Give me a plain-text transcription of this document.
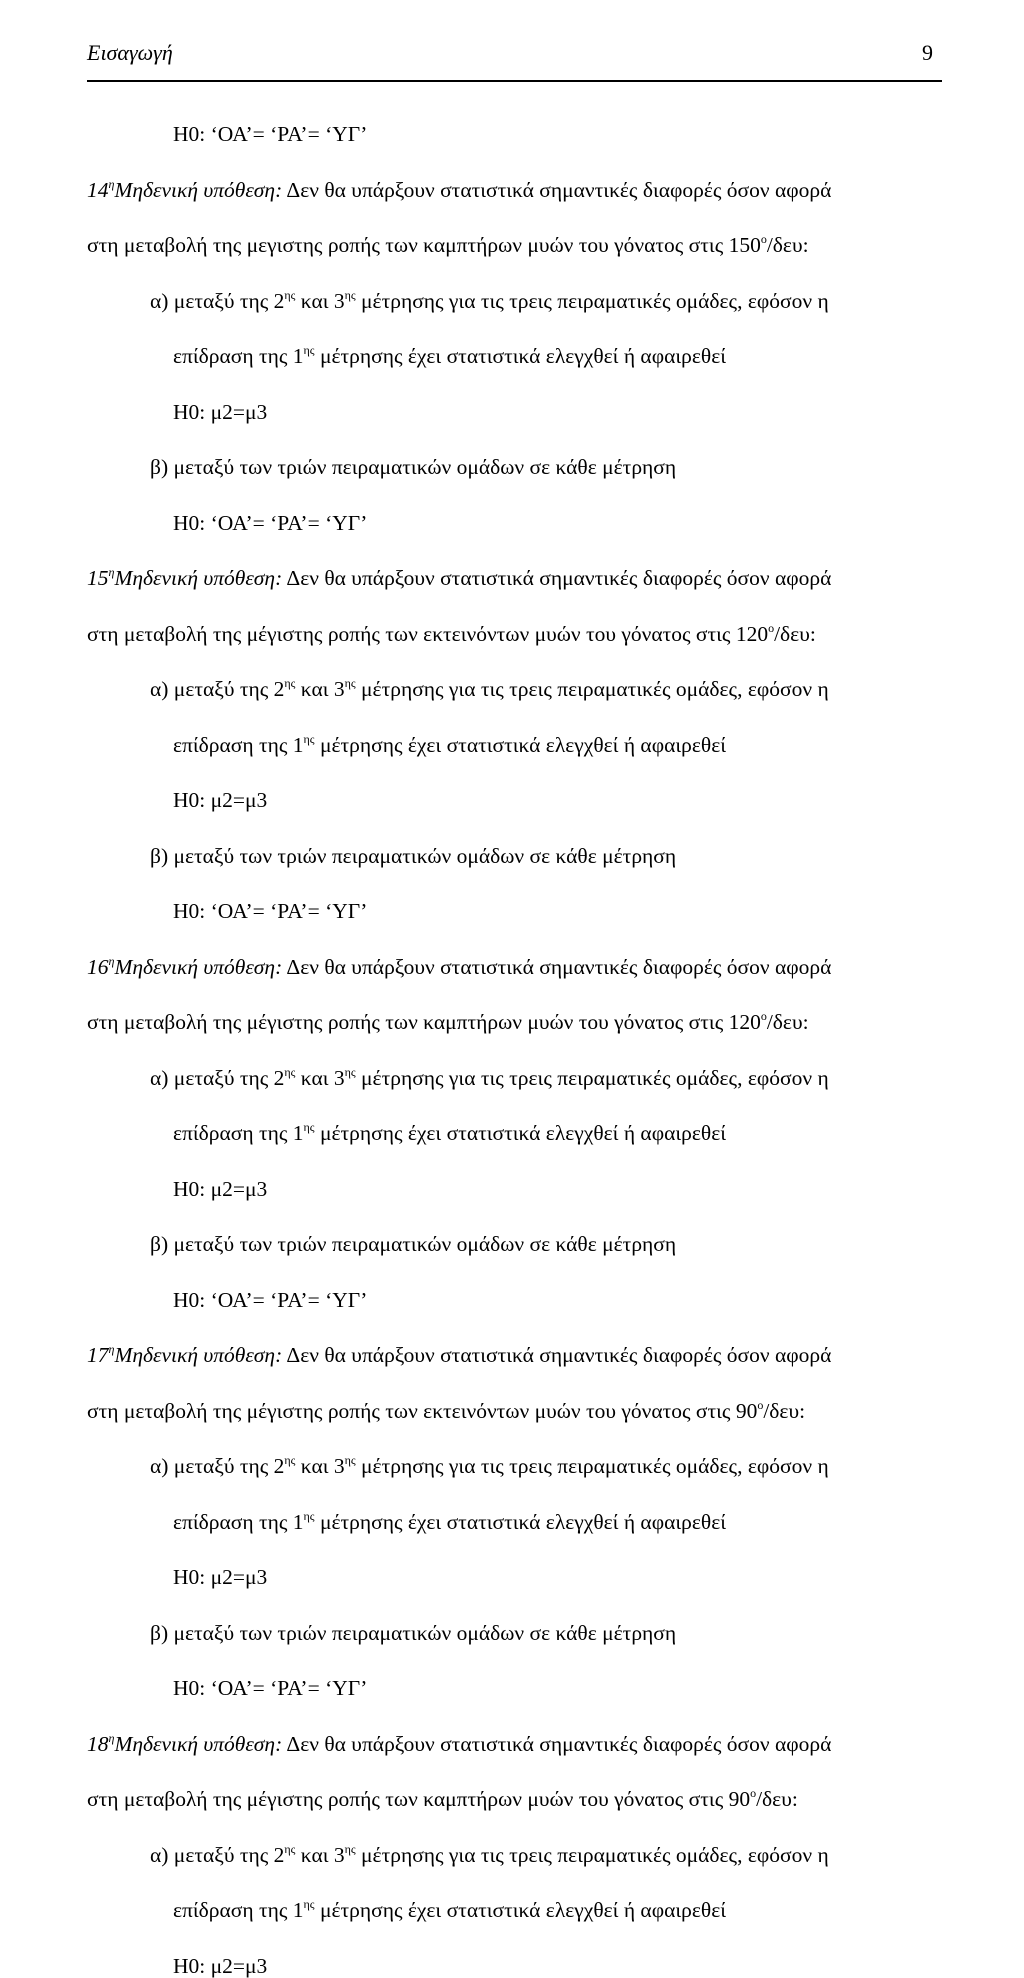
Εισαγωγή	9
Η0: ‘ΟΑ’= ‘ΡΑ’= ‘ΥΓ’
$14^\eta M\eta\delta\varepsilon\nu\iota\kappa ή$ υπόθεση: Δεν θα υπάρξουν στατιστικά σημαντικές διαφορές όσον αφορά
στη μεταβολή της μεγιστης ροπής των καμπτήρων μυών του γόνατος στις $150^o$/δευ:
α) μεταξύ της $2^{\eta\varsigma}$ και $3^{\eta\varsigma}$ μέτρησης για τις τρεις πειραματικές ομάδες, εφόσον η
επίδραση της $1^{\eta\varsigma}$ μέτρησης έχει στατιστικά ελεγχθεί ή αφαιρεθεί
Η0: μ2=μ3
β) μεταξύ των τριών πειραματικών ομάδων σε κάθε μέτρηση
Η0: ‘ΟΑ’= ‘ΡΑ’= ‘ΥΓ’
$15^\eta M\eta\delta\varepsilon\nu\iota\kappa ή$ υπόθεση: Δεν θα υπάρξουν στατιστικά σημαντικές διαφορές όσον αφορά
στη μεταβολή της μέγιστης ροπής των εκτεινόντων μυών του γόνατος στις $120^o$/δευ:
α) μεταξύ της $2^{\eta\varsigma}$ και $3^{\eta\varsigma}$ μέτρησης για τις τρεις πειραματικές ομάδες, εφόσον η
επίδραση της $1^{\eta\varsigma}$ μέτρησης έχει στατιστικά ελεγχθεί ή αφαιρεθεί
Η0: μ2=μ3
β) μεταξύ των τριών πειραματικών ομάδων σε κάθε μέτρηση
Η0: ‘ΟΑ’= ‘ΡΑ’= ‘ΥΓ’
$16^\eta M\eta\delta\varepsilon\nu\iota\kappa ή$ υπόθεση: Δεν θα υπάρξουν στατιστικά σημαντικές διαφορές όσον αφορά
στη μεταβολή της μέγιστης ροπής των καμπτήρων μυών του γόνατος στις $120^o$/δευ:
α) μεταξύ της $2^{\eta\varsigma}$ και $3^{\eta\varsigma}$ μέτρησης για τις τρεις πειραματικές ομάδες, εφόσον η
επίδραση της $1^{\eta\varsigma}$ μέτρησης έχει στατιστικά ελεγχθεί ή αφαιρεθεί
Η0: μ2=μ3
β) μεταξύ των τριών πειραματικών ομάδων σε κάθε μέτρηση
Η0: ‘ΟΑ’= ‘ΡΑ’= ‘ΥΓ’
$17^\eta M\eta\delta\varepsilon\nu\iota\kappa ή$ υπόθεση: Δεν θα υπάρξουν στατιστικά σημαντικές διαφορές όσον αφορά
στη μεταβολή της μέγιστης ροπής των εκτεινόντων μυών του γόνατος στις $90^o$/δευ:
α) μεταξύ της $2^{\eta\varsigma}$ και $3^{\eta\varsigma}$ μέτρησης για τις τρεις πειραματικές ομάδες, εφόσον η
επίδραση της $1^{\eta\varsigma}$ μέτρησης έχει στατιστικά ελεγχθεί ή αφαιρεθεί
Η0: μ2=μ3
β) μεταξύ των τριών πειραματικών ομάδων σε κάθε μέτρηση
Η0: ‘ΟΑ’= ‘ΡΑ’= ‘ΥΓ’
$18^\eta M\eta\delta\varepsilon\nu\iota\kappa ή$ υπόθεση: Δεν θα υπάρξουν στατιστικά σημαντικές διαφορές όσον αφορά
στη μεταβολή της μέγιστης ροπής των καμπτήρων μυών του γόνατος στις $90^o$/δευ:
α) μεταξύ της $2^{\eta\varsigma}$ και $3^{\eta\varsigma}$ μέτρησης για τις τρεις πειραματικές ομάδες, εφόσον η
επίδραση της $1^{\eta\varsigma}$ μέτρησης έχει στατιστικά ελεγχθεί ή αφαιρεθεί
Η0: μ2=μ3
